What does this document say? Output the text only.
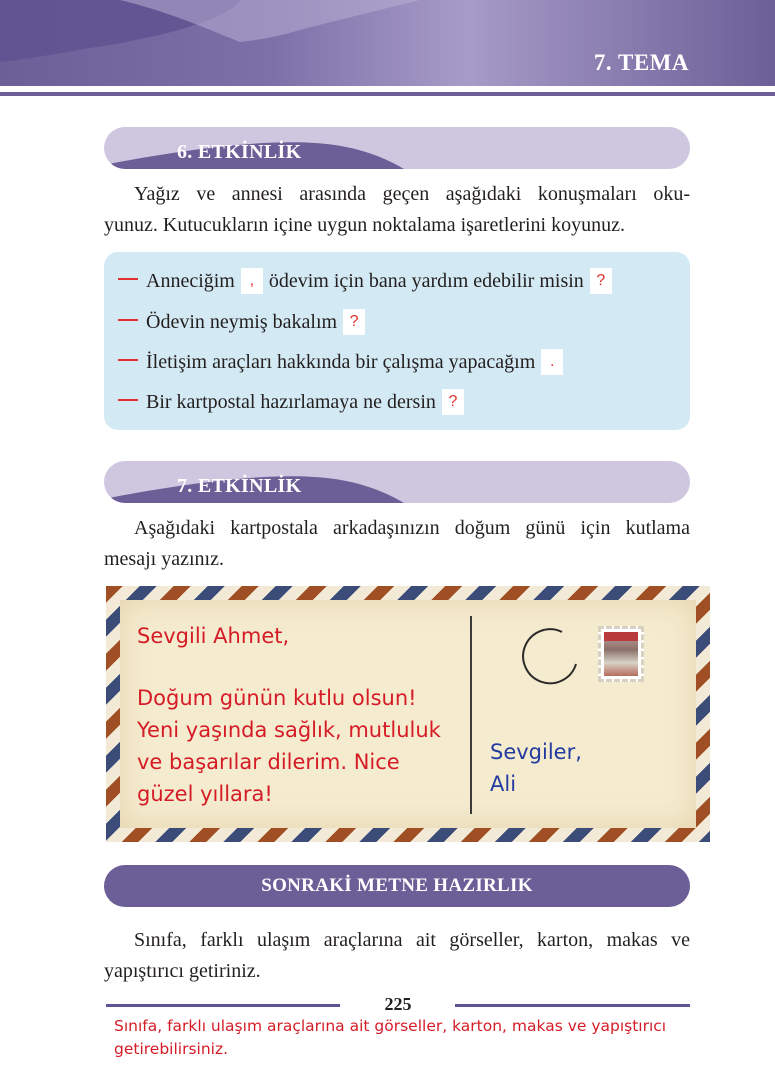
7. TEMA
6. ETKİNLİK

Yağız ve annesi arasında geçen aşağıdaki konuşmaları oku-
yunuz. Kutucukların içine uygun noktalama işaretlerini koyunuz.

Anneciğim , ödevim için bana yardım edebilir misin ?
Ödevin neymiş bakalım ?
İletişim araçları hakkında bir çalışma yapacağım .
Bir kartpostal hazırlamaya ne dersin ?
7. ETKİNLİK

Aşağıdaki kartpostala arkadaşınızın doğum günü için kutlama
mesajı yazınız.

Sevgili Ahmet,
Doğum günün kutlu olsun!
Yeni yaşında sağlık, mutluluk
ve başarılar dilerim. Nice
güzel yıllara!
Sevgiler,
Ali
SONRAKİ METNE HAZIRLIK

Sınıfa, farklı ulaşım araçlarına ait görseller, karton, makas ve
yapıştırıcı getiriniz.

225
Sınıfa, farklı ulaşım araçlarına ait görseller, karton, makas ve yapıştırıcı
getirebilirsiniz.
